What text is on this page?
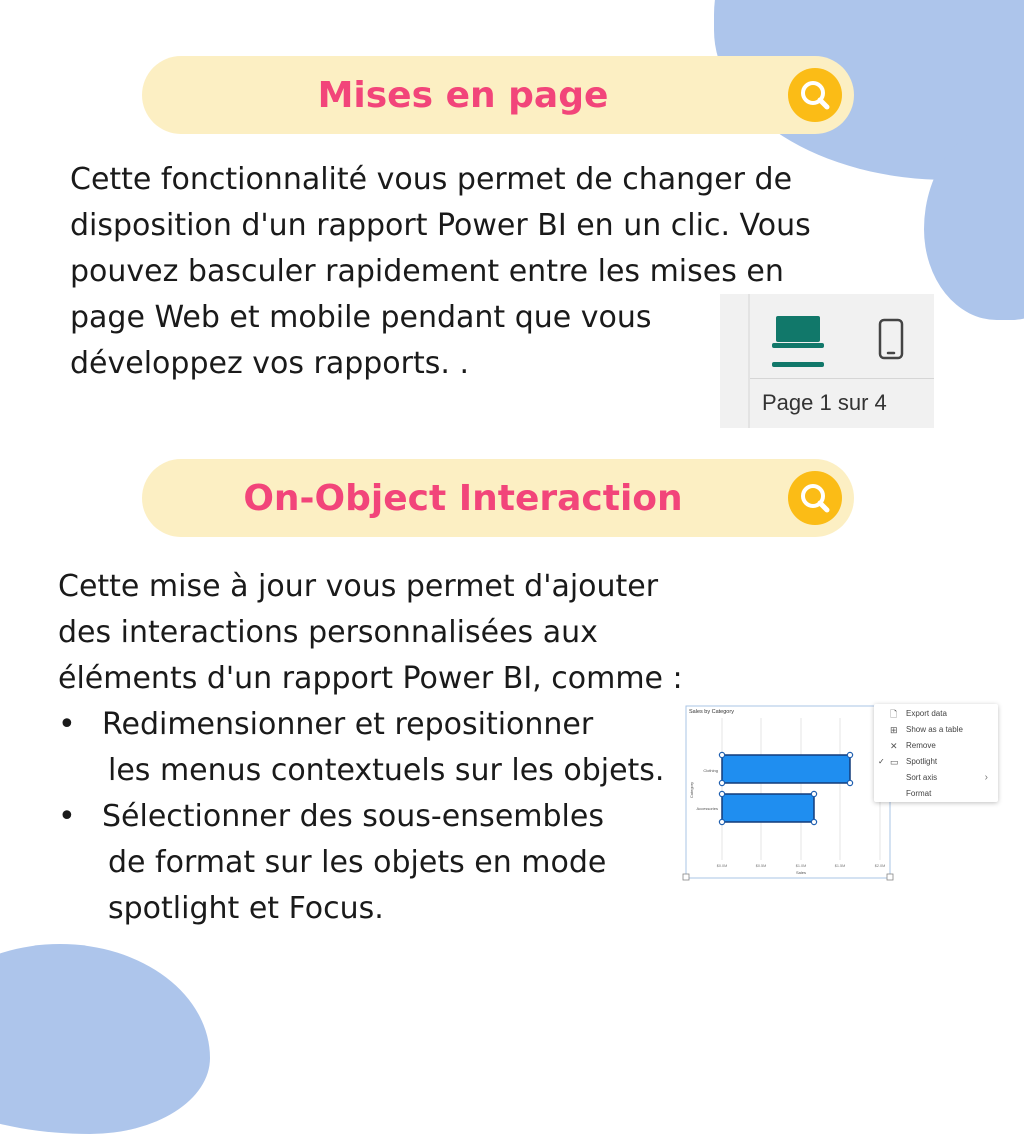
Mises en page

Cette fonctionnalité vous permet de changer de
disposition d'un rapport Power BI en un clic. Vous
pouvez basculer rapidement entre les mises en
page Web et mobile pendant que vous
développez vos rapports. .

Page 1 sur 4
On-Object Interaction

Cette mise à jour vous permet d'ajouter
des interactions personnalisées aux
éléments d'un rapport Power BI, comme :
• Redimensionner et repositionner
les menus contextuels sur les objets.
• Sélectionner des sous-ensembles
de format sur les objets en mode
spotlight et Focus.

Sales by Category
Clothing
Accessories
Category
$0.0M	$0.5M	$1.0M	$1.5M	$2.0M
Sales
🗋 Export data
⊞ Show as a table
✕ Remove
✓ ▭ Spotlight
Sort axis	›
Format
